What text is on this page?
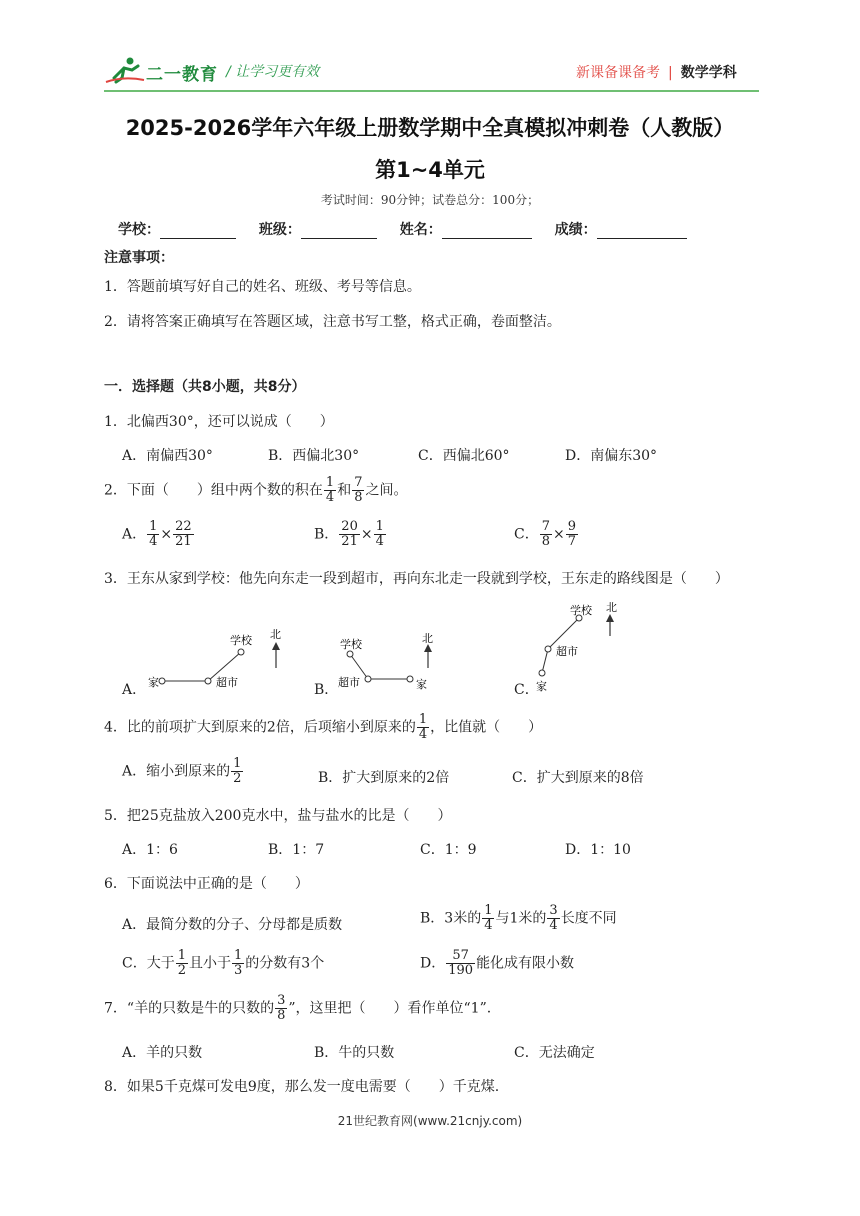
二一教育 / 让学习更有效	新课备课备考 | 数学学科
2025-2026学年六年级上册数学期中全真模拟冲刺卷（人教版）
第1~4单元
考试时间：90分钟；试卷总分：100分；
学校：	班级：	姓名：	成绩：
注意事项：
1．答题前填写好自己的姓名、班级、考号等信息。
2．请将答案正确填写在答题区域，注意书写工整，格式正确，卷面整洁。
一．选择题（共8小题，共8分）
1．北偏西30°，还可以说成（　　）
A．南偏西30°	B．西偏北30°	C．西偏北60°	D．南偏东30°
2．下面（　　）组中两个数的积在 $\frac{1}{4}$ 和 $\frac{7}{8}$ 之间。
A． $\frac{1}{4} \times \frac{22}{21}$	B． $\frac{20}{21} \times \frac{1}{4}$	C． $\frac{7}{8} \times \frac{9}{7}$
3．王东从家到学校：他先向东走一段到超市，再向东北走一段就到学校，王东走的路线图是（　　）
A． 家	超市
学校 北
B．
学校
超市	家
北
C．
家
超市
学校 北
4．比的前项扩大到原来的2倍，后项缩小到原来的 $\frac{1}{4}$ ，比值就（　　）
A．缩小到原来的 $\frac{1}{2}$	B．扩大到原来的2倍	C．扩大到原来的8倍
5．把25克盐放入200克水中，盐与盐水的比是（　　）
A．1：6	B．1：7	C．1：9	D．1：10
6．下面说法中正确的是（　　）
A．最简分数的分子、分母都是质数	B．3米的 $\frac{1}{4}$ 与1米的 $\frac{3}{4}$ 长度不同
C．大于 $\frac{1}{2}$ 且小于 $\frac{1}{3}$ 的分数有3个	D． $\frac{57}{190}$ 能化成有限小数
7．“羊的只数是牛的只数的 $\frac{3}{8}$ ”，这里把（　　）看作单位“1”.
A．羊的只数	B．牛的只数	C．无法确定
8．如果5千克煤可发电9度，那么发一度电需要（　　）千克煤.
21世纪教育网(www.21cnjy.com)
